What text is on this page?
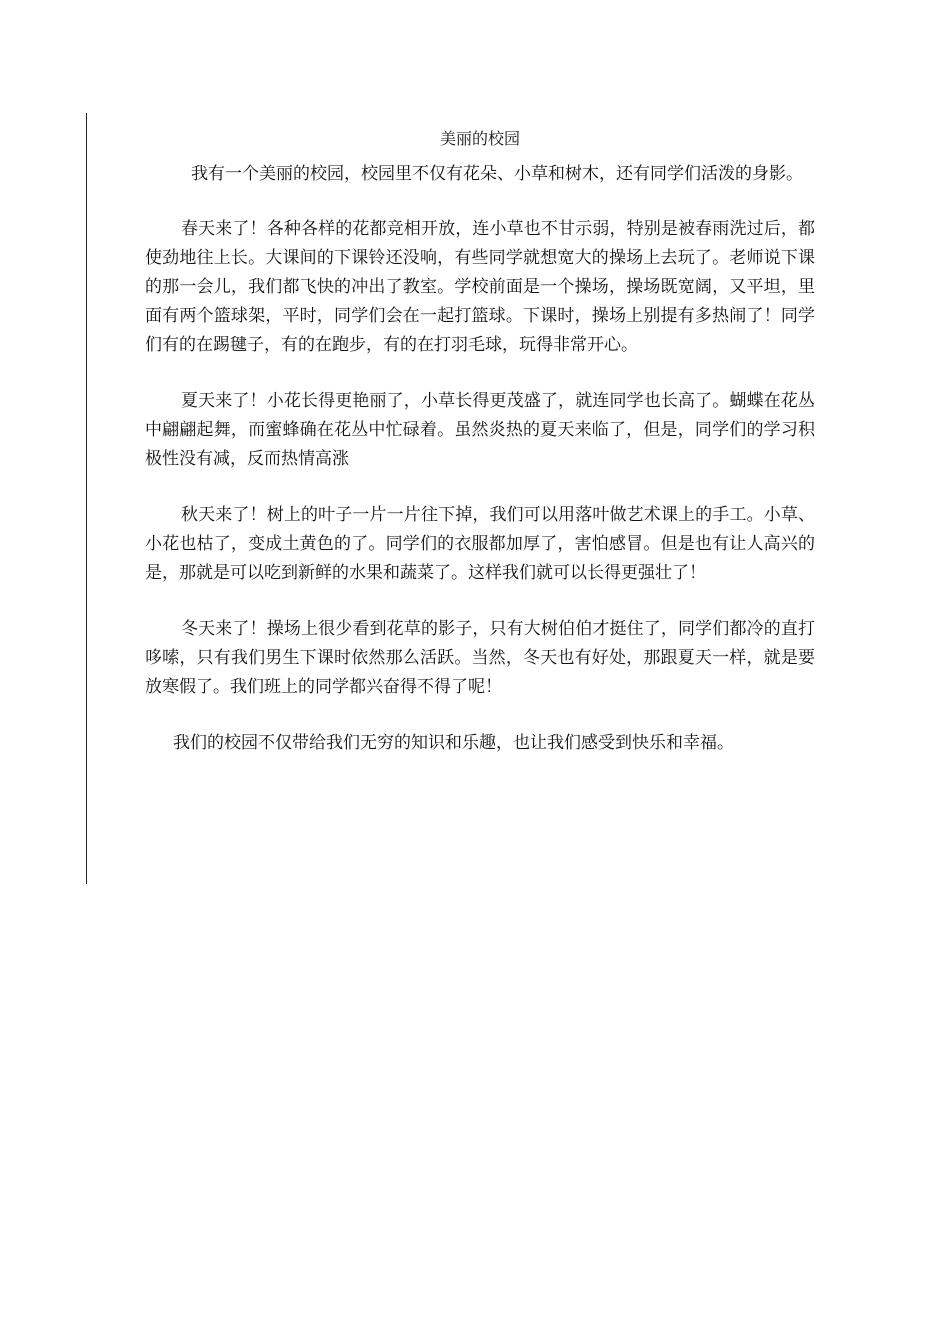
美丽的校园

我有一个美丽的校园，校园里不仅有花朵、小草和树木，还有同学们活泼的身影。

春天来了！各种各样的花都竞相开放，连小草也不甘示弱，特别是被春雨洗过后，都使劲地往上长。大课间的下课铃还没响，有些同学就想宽大的操场上去玩了。老师说下课的那一会儿，我们都飞快的冲出了教室。学校前面是一个操场，操场既宽阔，又平坦，里面有两个篮球架，平时，同学们会在一起打篮球。下课时，操场上别提有多热闹了！同学们有的在踢毽子，有的在跑步，有的在打羽毛球，玩得非常开心。

夏天来了！小花长得更艳丽了，小草长得更茂盛了，就连同学也长高了。蝴蝶在花丛中翩翩起舞，而蜜蜂确在花丛中忙碌着。虽然炎热的夏天来临了，但是，同学们的学习积极性没有减，反而热情高涨

秋天来了！树上的叶子一片一片往下掉，我们可以用落叶做艺术课上的手工。小草、小花也枯了，变成土黄色的了。同学们的衣服都加厚了，害怕感冒。但是也有让人高兴的是，那就是可以吃到新鲜的水果和蔬菜了。这样我们就可以长得更强壮了！

冬天来了！操场上很少看到花草的影子，只有大树伯伯才挺住了，同学们都冷的直打哆嗦，只有我们男生下课时依然那么活跃。当然，冬天也有好处，那跟夏天一样，就是要放寒假了。我们班上的同学都兴奋得不得了呢！

我们的校园不仅带给我们无穷的知识和乐趣，也让我们感受到快乐和幸福。
